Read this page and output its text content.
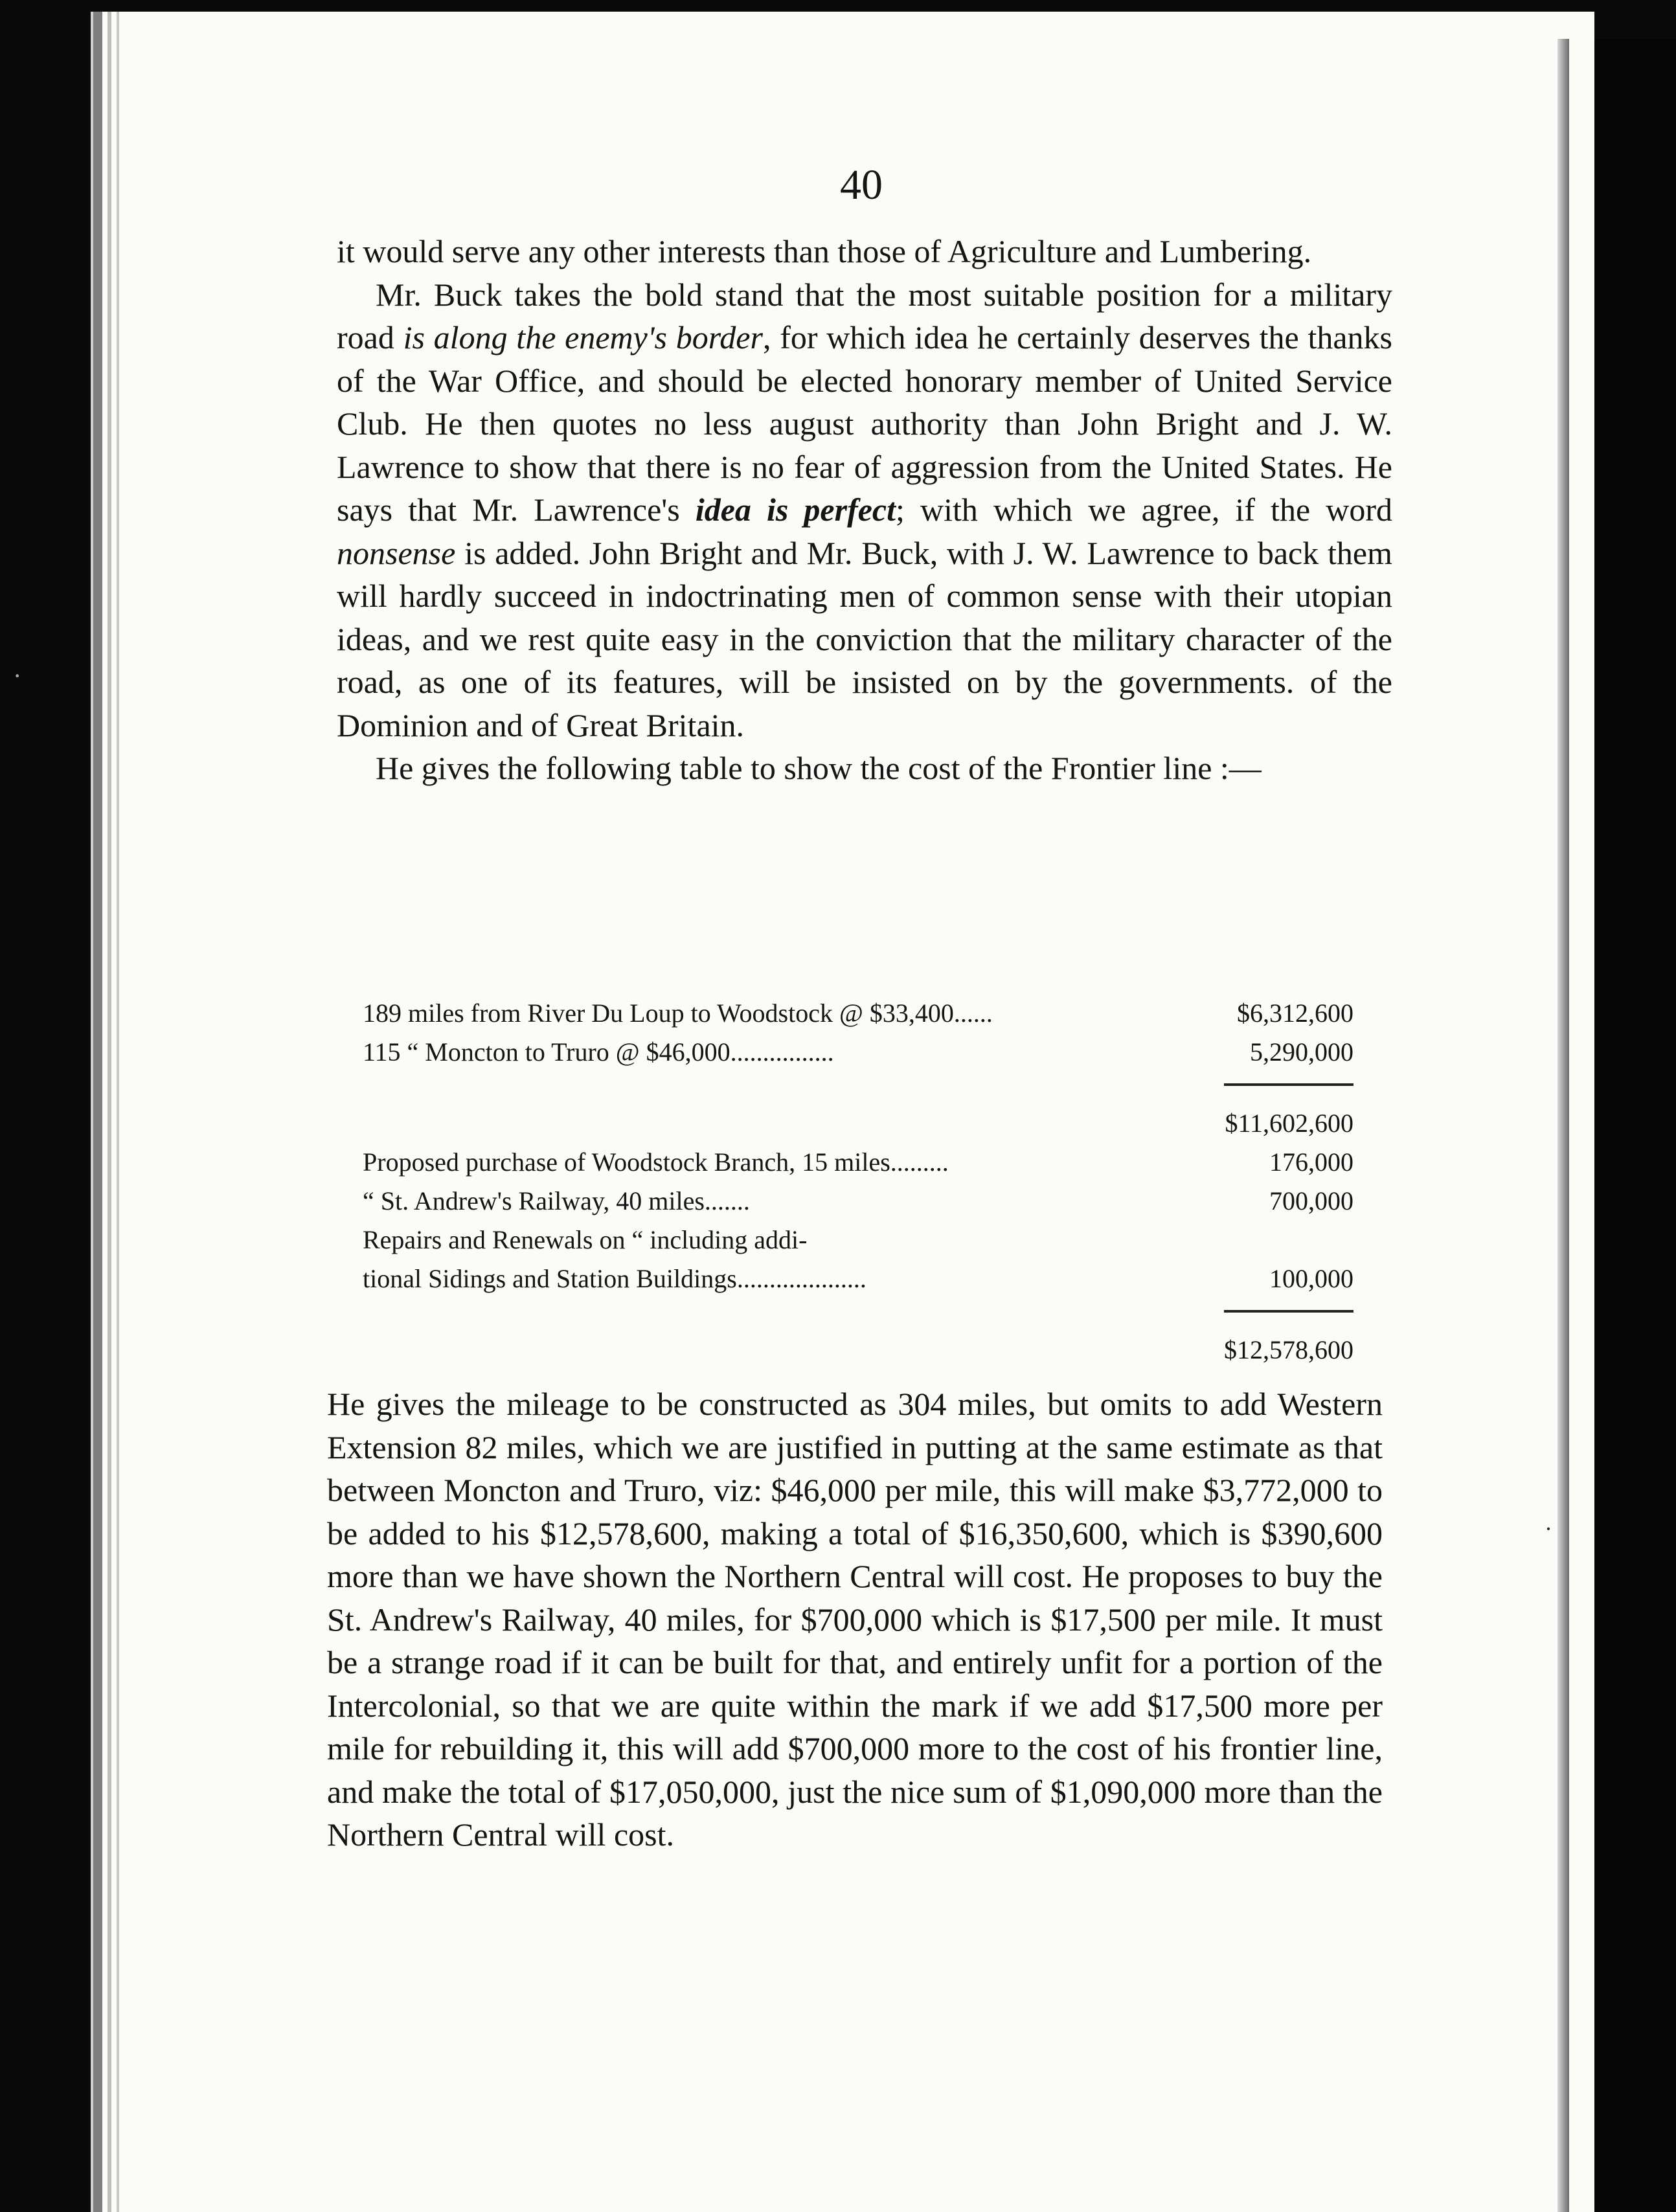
40

it would serve any other interests than those of Agriculture and Lumbering.

Mr. Buck takes the bold stand that the most suitable position for a military road is along the enemy's border, for which idea he certainly deserves the thanks of the War Office, and should be elected honorary member of United Service Club. He then quotes no less august authority than John Bright and J. W. Lawrence to show that there is no fear of aggression from the United States. He says that Mr. Lawrence's idea is perfect; with which we agree, if the word nonsense is added. John Bright and Mr. Buck, with J. W. Lawrence to back them will hardly succeed in indoctrinating men of common sense with their utopian ideas, and we rest quite easy in the conviction that the military character of the road, as one of its features, will be insisted on by the governments. of the Dominion and of Great Britain.

He gives the following table to show the cost of the Frontier line :—

189 miles from River Du Loup to Woodstock @ $33,400......	$6,312,600
115 “ Moncton to Truro @ $46,000................	5,290,000
$11,602,600
Proposed purchase of Woodstock Branch, 15 miles.........	176,000
“ St. Andrew's Railway, 40 miles.......	700,000
Repairs and Renewals on “ including addi-
tional Sidings and Station Buildings....................	100,000
$12,578,600

He gives the mileage to be constructed as 304 miles, but omits to add Western Extension 82 miles, which we are justified in putting at the same estimate as that between Moncton and Truro, viz: $46,000 per mile, this will make $3,772,000 to be added to his $12,578,600, making a total of $16,350,600, which is $390,600 more than we have shown the Northern Central will cost. He proposes to buy the St. Andrew's Railway, 40 miles, for $700,000 which is $17,500 per mile. It must be a strange road if it can be built for that, and entirely unfit for a portion of the Intercolonial, so that we are quite within the mark if we add $17,500 more per mile for rebuilding it, this will add $700,000 more to the cost of his frontier line, and make the total of $17,050,000, just the nice sum of $1,090,000 more than the Northern Central will cost.

·
·
